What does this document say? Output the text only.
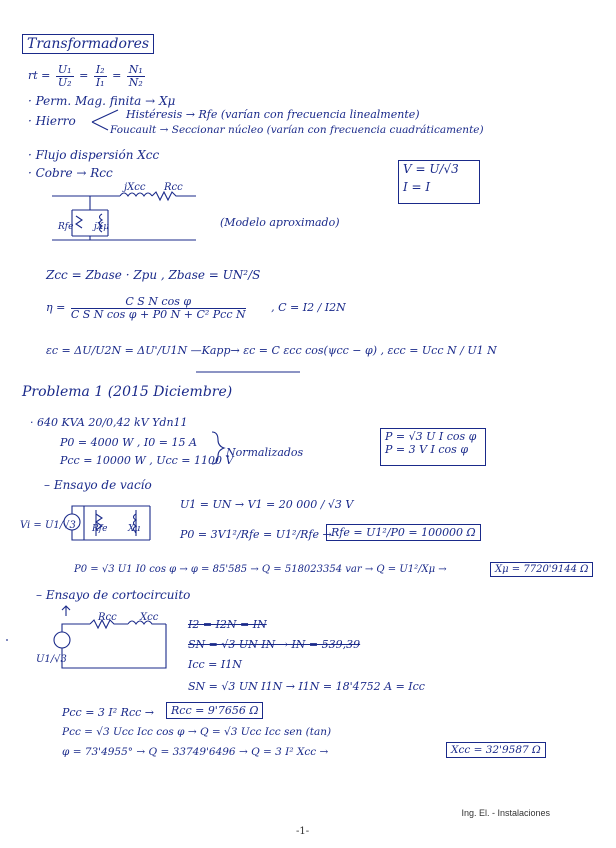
Transformadores
rt = $\frac{\text{U₁}}{\text{U₂}} = \frac{\text{I₂}}{\text{I₁}} = \frac{\text{N₁}}{\text{N₂}}$
· Perm. Mag. finita → Xμ
· Hierro	Histéresis → Rfe (varían con frecuencia linealmente)
Foucault → Seccionar núcleo (varían con frecuencia cuadráticamente)
· Flujo dispersión Xcc
· Cobre → Rcc
jXcc Rcc
Rfe jXμ	(Modelo aproximado)
V = U/√3
I = I
Zcc = Zbase · Zpu , Zbase = UN²/S
$\eta = \frac{\text{C S N cos φ}}{\text{C S N cos φ + P0 N + C² Pcc N}}$ , C = I2 / I2N
εc = ΔU/U2N = ΔU'/U1N —Kapp→ εc = C εcc cos(ψcc − φ) , εcc = Ucc N / U1 N
Problema 1 (2015 Diciembre)
· 640 KVA 20/0,42 kV Ydn11
P0 = 4000 W , I0 = 15 A
Pcc = 10000 W , Ucc = 1100 V
Normalizados
P = √3 U I cos φ
P = 3 V I cos φ
– Ensayo de vacío
U1 = UN → V1 = 20 000 / √3 V
Vi = U1/√3 Rfe Xμ	P0 = 3V1²/Rfe = U1²/Rfe → Rfe = U1²/P0 = 100000 Ω
P0 = √3 U1 I0 cos φ → φ = 85'585 → Q = 518023354 var → Q = U1²/Xμ →	Xμ = 7720'9144 Ω
– Ensayo de cortocircuito
Rcc Xcc
U1/√3
I2 = I2N = IN
SN = √3 UN IN → IN = 539,39
Icc = I1N
SN = √3 UN I1N → I1N = 18'4752 A = Icc
Pcc = 3 I² Rcc →	Rcc = 9'7656 Ω
Pcc = √3 Ucc Icc cos φ → Q = √3 Ucc Icc sen (tan)
φ = 73'4955° → Q = 33749'6496 → Q = 3 I² Xcc →	Xcc = 32'9587 Ω
Ing. El. - Instalaciones
-1-
